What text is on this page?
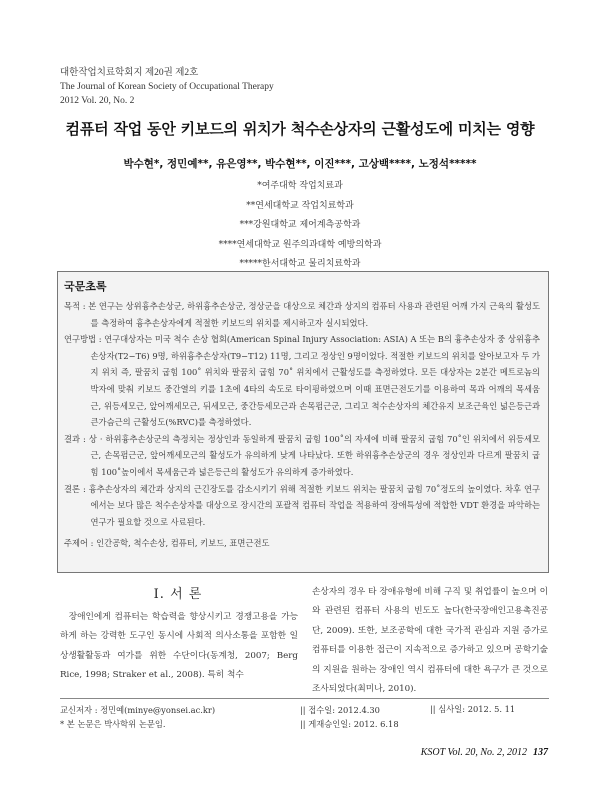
대한작업치료학회지 제20권 제2호
The Journal of Korean Society of Occupational Therapy
2012 Vol. 20, No. 2
컴퓨터 작업 동안 키보드의 위치가 척수손상자의 근활성도에 미치는 영향
박수현*, 정민예**, 유은영**, 박수현**, 이진***, 고상백****, 노정석*****
*여주대학 작업치료과
**연세대학교 작업치료학과
***강원대학교 제어계측공학과
****연세대학교 원주의과대학 예방의학과
*****한서대학교 물리치료학과
국문초록

목적 : 본 연구는 상위흉추손상군, 하위흉추손상군, 정상군을 대상으로 체간과 상지의 컴퓨터 사용과 관련된 어깨 가지 근육의 활성도를 측정하여 흉추손상자에게 적절한 키보드의 위치를 제시하고자 실시되었다.

연구방법 : 연구대상자는 미국 척수 손상 협회(American Spinal Injury Association: ASIA) A 또는 B의 흉추손상자 중 상위흉추손상자(T2−T6) 9명, 하위흉추손상자(T9−T12) 11명, 그리고 정상인 9명이었다. 적절한 키보드의 위치를 알아보고자 두 가지 위치 즉, 팔꿈치 굽힘 100˚ 위치와 팔꿈치 굽힘 70˚ 위치에서 근활성도를 측정하였다. 모든 대상자는 2분간 메트로놈의 박자에 맞춰 키보드 중간열의 키를 1초에 4타의 속도로 타이핑하였으며 이때 표면근전도기를 이용하여 목과 어깨의 목세움근, 위등세모근, 앞어깨세모근, 뒤세모근, 중간등세모근과 손목펌근군, 그리고 척수손상자의 체간유지 보조근육인 넓은등근과 큰가슴근의 근활성도(%RVC)를 측정하였다.

결과 : 상 · 하위흉추손상군의 측정치는 정상인과 동일하게 팔꿈치 굽힘 100˚의 자세에 비해 팔꿈치 굽힘 70˚인 위치에서 위등세모근, 손목펌근군, 앞어깨세모근의 활성도가 유의하게 낮게 나타났다. 또한 하위흉추손상군의 경우 정상인과 다르게 팔꿈치 굽힘 100˚높이에서 목세움근과 넓은등근의 활성도가 유의하게 증가하였다.

결론 : 흉추손상자의 체간과 상지의 근긴장도를 감소시키기 위해 적절한 키보드 위치는 팔꿈치 굽힘 70˚정도의 높이였다. 차후 연구에서는 보다 많은 척수손상자를 대상으로 장시간의 포괄적 컴퓨터 작업을 적용하여 장애특성에 적합한 VDT 환경을 파악하는 연구가 필요할 것으로 사료된다.

주제어 : 인간공학, 척수손상, 컴퓨터, 키보드, 표면근전도
Ⅰ. 서 론
장애인에게 컴퓨터는 학습력을 향상시키고 경쟁고용을 가능하게 하는 강력한 도구인 동시에 사회적 의사소통을 포함한 일상생활활동과 여가를 위한 수단이다(동계청, 2007; Berg Rice, 1998; Straker et al., 2008). 특히 척수
손상자의 경우 타 장애유형에 비해 구직 및 취업률이 높으며 이와 관련된 컴퓨터 사용의 빈도도 높다(한국장애인고용촉진공단, 2009). 또한, 보조공학에 대한 국가적 관심과 지원 증가로 컴퓨터를 이용한 접근이 지속적으로 증가하고 있으며 공학기술의 지원을 원하는 장애인 역시 컴퓨터에 대한 욕구가 큰 것으로 조사되었다(최미나, 2010).
교신저자 : 정민예(minye@yonsei.ac.kr)
* 본 논문은 박사학위 논문임.
|| 접수일: 2012.4.30
|| 게재승인일: 2012. 6.18
|| 심사일: 2012. 5. 11
KSOT Vol. 20, No. 2, 2012 137
